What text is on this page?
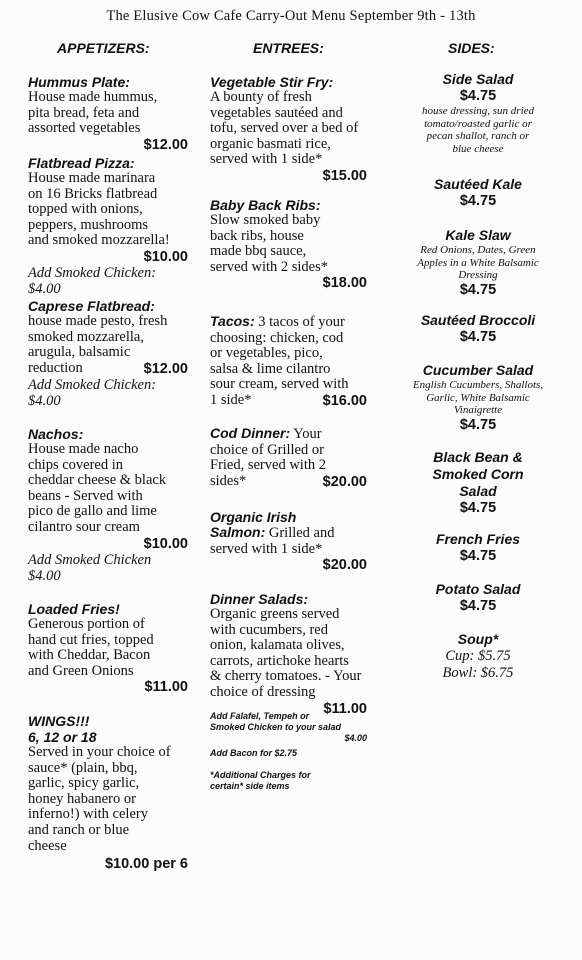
The Elusive Cow Cafe Carry-Out Menu September 9th - 13th
APPETIZERS:	ENTREES:	SIDES:
Hummus Plate:
House made hummus,
pita bread, feta and
assorted vegetables
$12.00
Flatbread Pizza:
House made marinara
on 16 Bricks flatbread
topped with onions,
peppers, mushrooms
and smoked mozzarella!
$10.00
Add Smoked Chicken:
$4.00
Caprese Flatbread:
house made pesto, fresh
smoked mozzarella,
arugula, balsamic
reduction	$12.00
Add Smoked Chicken:
$4.00
Nachos:
House made nacho
chips covered in
cheddar cheese & black
beans - Served with
pico de gallo and lime
cilantro sour cream
$10.00
Add Smoked Chicken
$4.00
Loaded Fries!
Generous portion of
hand cut fries, topped
with Cheddar, Bacon
and Green Onions
$11.00
WINGS!!!
6, 12 or 18
Served in your choice of
sauce* (plain, bbq,
garlic, spicy garlic,
honey habanero or
inferno!) with celery
and ranch or blue
cheese
$10.00 per 6
Vegetable Stir Fry:
A bounty of fresh
vegetables sautéed and
tofu, served over a bed of
organic basmati rice,
served with 1 side*
$15.00
Baby Back Ribs:
Slow smoked baby
back ribs, house
made bbq sauce,
served with 2 sides*
$18.00
Tacos: 3 tacos of your
choosing: chicken, cod
or vegetables, pico,
salsa & lime cilantro
sour cream, served with
1 side*	$16.00
Cod Dinner: Your
choice of Grilled or
Fried, served with 2
sides*	$20.00
Organic Irish
Salmon: Grilled and
served with 1 side*
$20.00
Dinner Salads:
Organic greens served
with cucumbers, red
onion, kalamata olives,
carrots, artichoke hearts
& cherry tomatoes. - Your
choice of dressing
$11.00
Add Falafel, Tempeh or
Smoked Chicken to your salad
$4.00
Add Bacon for $2.75
*Additional Charges for
certain* side items
Side Salad
$4.75
house dressing, sun dried
tomato/roasted garlic or
pecan shallot, ranch or
blue cheese
Sautéed Kale
$4.75
Kale Slaw
Red Onions, Dates, Green
Apples in a White Balsamic
Dressing
$4.75
Sautéed Broccoli
$4.75
Cucumber Salad
English Cucumbers, Shallots,
Garlic, White Balsamic
Vinaigrette
$4.75
Black Bean &
Smoked Corn
Salad
$4.75
French Fries
$4.75
Potato Salad
$4.75
Soup*
Cup: $5.75
Bowl: $6.75
